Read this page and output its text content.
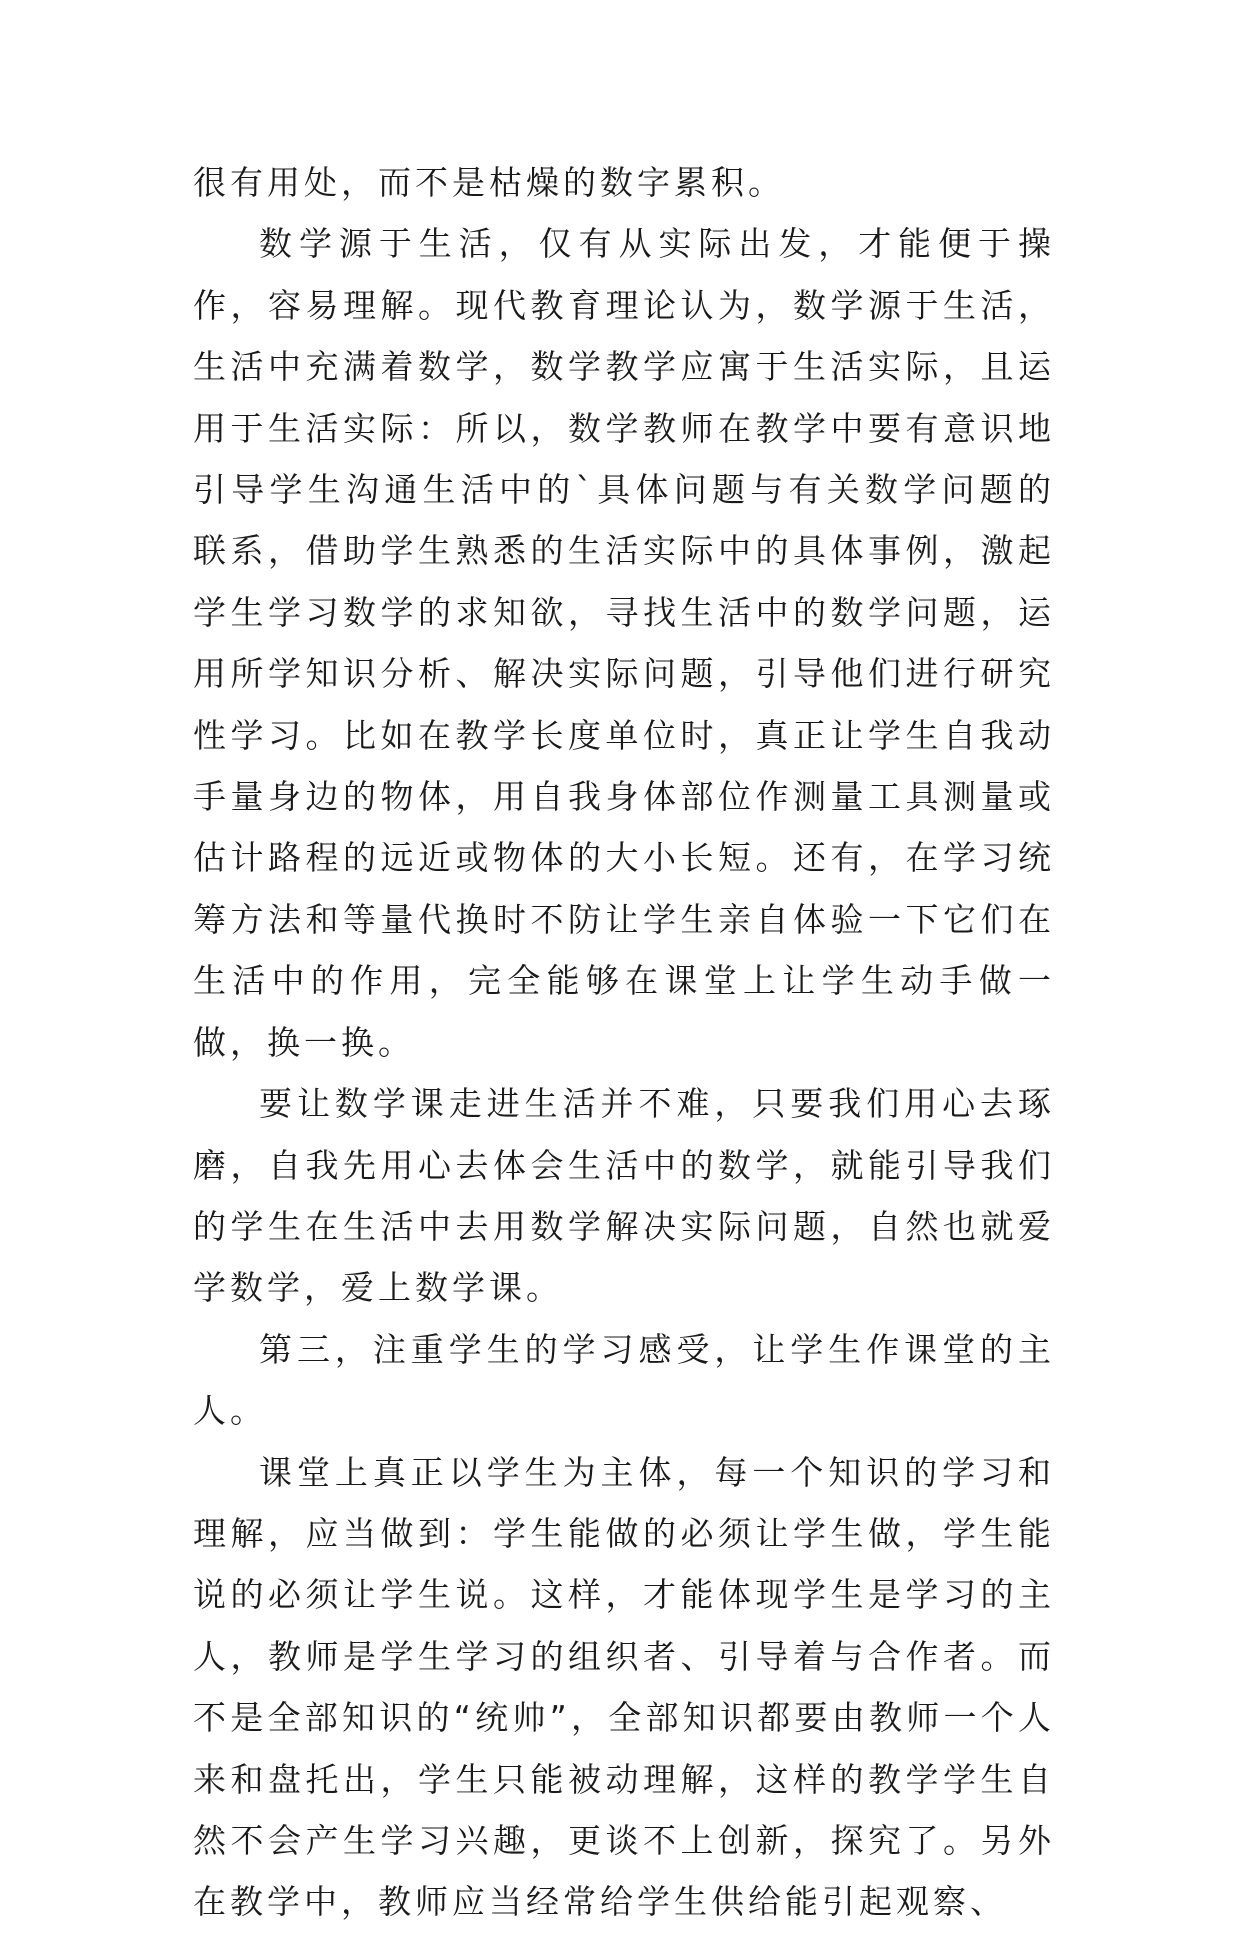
很有用处，而不是枯燥的数字累积。

数学源于生活，仅有从实际出发，才能便于操作，容易理解。现代教育理论认为，数学源于生活，生活中充满着数学，数学教学应寓于生活实际，且运用于生活实际：所以，数学教师在教学中要有意识地引导学生沟通生活中的`具体问题与有关数学问题的联系，借助学生熟悉的生活实际中的具体事例，激起学生学习数学的求知欲，寻找生活中的数学问题，运用所学知识分析、解决实际问题，引导他们进行研究性学习。比如在教学长度单位时，真正让学生自我动手量身边的物体，用自我身体部位作测量工具测量或估计路程的远近或物体的大小长短。还有，在学习统筹方法和等量代换时不防让学生亲自体验一下它们在生活中的作用，完全能够在课堂上让学生动手做一做，换一换。

要让数学课走进生活并不难，只要我们用心去琢磨，自我先用心去体会生活中的数学，就能引导我们的学生在生活中去用数学解决实际问题，自然也就爱学数学，爱上数学课。

第三，注重学生的学习感受，让学生作课堂的主人。

课堂上真正以学生为主体，每一个知识的学习和理解，应当做到：学生能做的必须让学生做，学生能说的必须让学生说。这样，才能体现学生是学习的主人，教师是学生学习的组织者、引导着与合作者。而不是全部知识的“统帅”，全部知识都要由教师一个人来和盘托出，学生只能被动理解，这样的教学学生自然不会产生学习兴趣，更谈不上创新，探究了。另外在教学中，教师应当经常给学生供给能引起观察、
